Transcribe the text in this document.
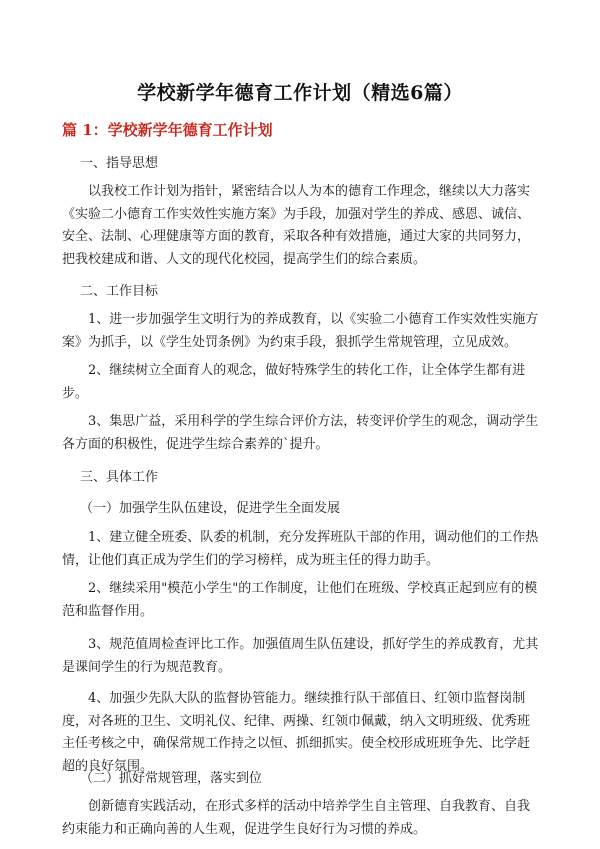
学校新学年德育工作计划（精选6篇）
篇 1：学校新学年德育工作计划

一、指导思想

以我校工作计划为指针，紧密结合以人为本的德育工作理念，继续以大力落实《实验二小德育工作实效性实施方案》为手段，加强对学生的养成、感恩、诚信、安全、法制、心理健康等方面的教育，采取各种有效措施，通过大家的共同努力，把我校建成和谐、人文的现代化校园，提高学生们的综合素质。

二、工作目标

1、进一步加强学生文明行为的养成教育，以《实验二小德育工作实效性实施方案》为抓手，以《学生处罚条例》为约束手段，狠抓学生常规管理，立见成效。

2、继续树立全面育人的观念，做好特殊学生的转化工作，让全体学生都有进步。

3、集思广益，采用科学的学生综合评价方法，转变评价学生的观念，调动学生各方面的积极性，促进学生综合素养的`提升。

三、具体工作

（一）加强学生队伍建设，促进学生全面发展

1、建立健全班委、队委的机制，充分发挥班队干部的作用，调动他们的工作热情，让他们真正成为学生们的学习榜样，成为班主任的得力助手。

2、继续采用"模范小学生"的工作制度，让他们在班级、学校真正起到应有的模范和监督作用。

3、规范值周检查评比工作。加强值周生队伍建设，抓好学生的养成教育，尤其是课间学生的行为规范教育。

4、加强少先队大队的监督协管能力。继续推行队干部值日、红领巾监督岗制度，对各班的卫生、文明礼仪、纪律、两操、红领巾佩戴，纳入文明班级、优秀班主任考核之中，确保常规工作持之以恒、抓细抓实。使全校形成班班争先、比学赶超的良好氛围。

（二）抓好常规管理，落实到位

创新德育实践活动，在形式多样的活动中培养学生自主管理、自我教育、自我约束能力和正确向善的人生观，促进学生良好行为习惯的养成。
